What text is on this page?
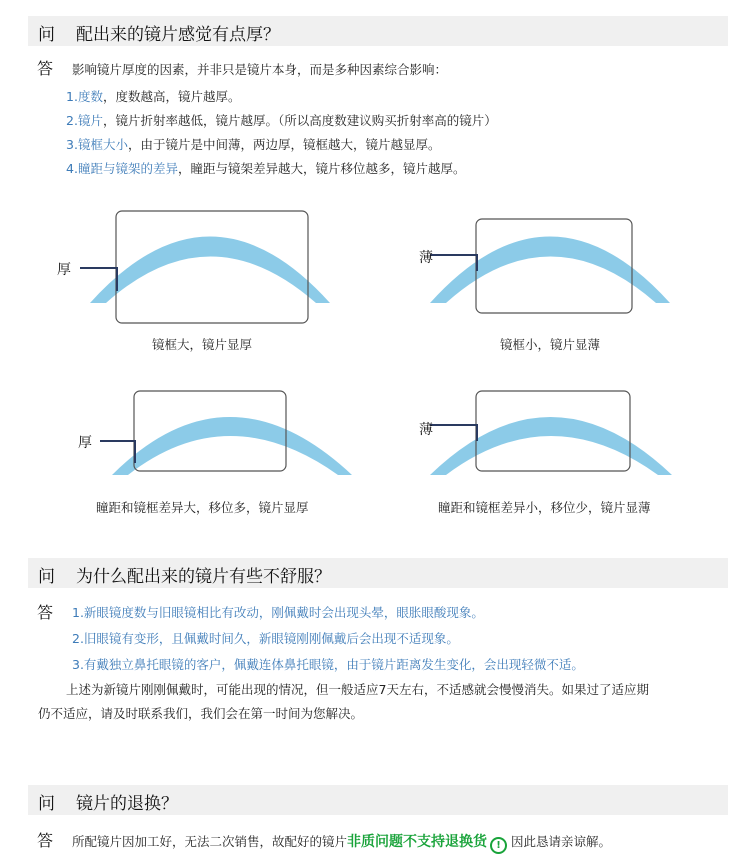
问 配出来的镜片感觉有点厚？
答 影响镜片厚度的因素，并非只是镜片本身，而是多种因素综合影响：
1.度数，度数越高，镜片越厚。
2.镜片，镜片折射率越低，镜片越厚。（所以高度数建议购买折射率高的镜片）
3.镜框大小，由于镜片是中间薄，两边厚，镜框越大，镜片越显厚。
4.瞳距与镜架的差异，瞳距与镜架差异越大，镜片移位越多，镜片越厚。
厚
镜框大，镜片显厚
薄
镜框小，镜片显薄
厚
瞳距和镜框差异大，移位多，镜片显厚
薄
瞳距和镜框差异小，移位少，镜片显薄
问 为什么配出来的镜片有些不舒服？
答 1.新眼镜度数与旧眼镜相比有改动，刚佩戴时会出现头晕，眼胀眼酸现象。
2.旧眼镜有变形，且佩戴时间久，新眼镜刚刚佩戴后会出现不适现象。
3.有戴独立鼻托眼镜的客户，佩戴连体鼻托眼镜，由于镜片距离发生变化，会出现轻微不适。
上述为新镜片刚刚佩戴时，可能出现的情况，但一般适应7天左右，不适感就会慢慢消失。如果过了适应期
仍不适应，请及时联系我们，我们会在第一时间为您解决。
问 镜片的退换？
答 所配镜片因加工好，无法二次销售，故配好的镜片非质问题不支持退换货 ! 因此恳请亲谅解。
